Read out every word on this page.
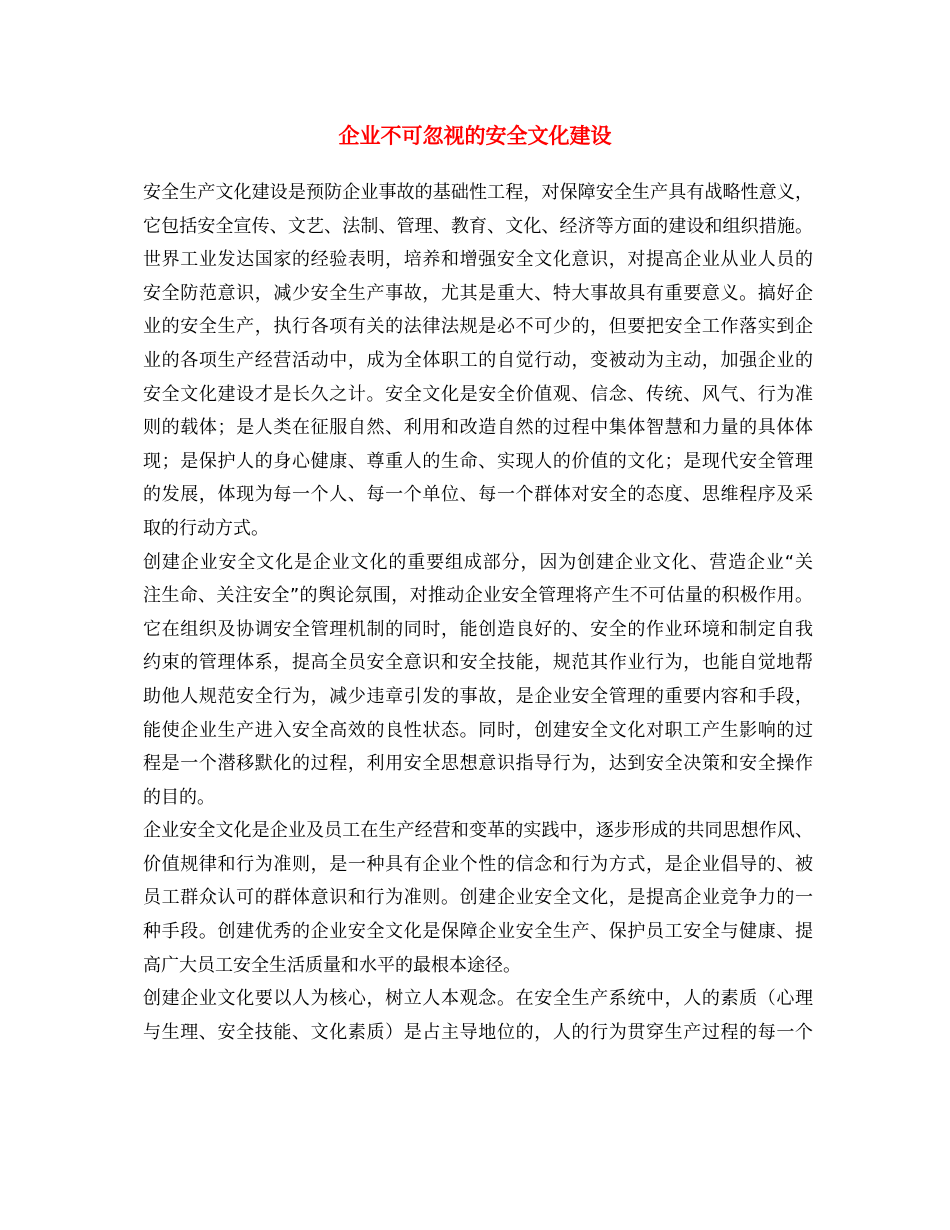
企业不可忽视的安全文化建设
安全生产文化建设是预防企业事故的基础性工程，对保障安全生产具有战略性意义，
它包括安全宣传、文艺、法制、管理、教育、文化、经济等方面的建设和组织措施。
世界工业发达国家的经验表明，培养和增强安全文化意识，对提高企业从业人员的
安全防范意识，减少安全生产事故，尤其是重大、特大事故具有重要意义。搞好企
业的安全生产，执行各项有关的法律法规是必不可少的，但要把安全工作落实到企
业的各项生产经营活动中，成为全体职工的自觉行动，变被动为主动，加强企业的
安全文化建设才是长久之计。安全文化是安全价值观、信念、传统、风气、行为准
则的载体；是人类在征服自然、利用和改造自然的过程中集体智慧和力量的具体体
现；是保护人的身心健康、尊重人的生命、实现人的价值的文化；是现代安全管理
的发展，体现为每一个人、每一个单位、每一个群体对安全的态度、思维程序及采
取的行动方式。
创建企业安全文化是企业文化的重要组成部分，因为创建企业文化、营造企业“关
注生命、关注安全”的舆论氛围，对推动企业安全管理将产生不可估量的积极作用。
它在组织及协调安全管理机制的同时，能创造良好的、安全的作业环境和制定自我
约束的管理体系，提高全员安全意识和安全技能，规范其作业行为，也能自觉地帮
助他人规范安全行为，减少违章引发的事故，是企业安全管理的重要内容和手段，
能使企业生产进入安全高效的良性状态。同时，创建安全文化对职工产生影响的过
程是一个潜移默化的过程，利用安全思想意识指导行为，达到安全决策和安全操作
的目的。
企业安全文化是企业及员工在生产经营和变革的实践中，逐步形成的共同思想作风、
价值规律和行为准则，是一种具有企业个性的信念和行为方式，是企业倡导的、被
员工群众认可的群体意识和行为准则。创建企业安全文化，是提高企业竞争力的一
种手段。创建优秀的企业安全文化是保障企业安全生产、保护员工安全与健康、提
高广大员工安全生活质量和水平的最根本途径。
创建企业文化要以人为核心，树立人本观念。在安全生产系统中，人的素质（心理
与生理、安全技能、文化素质）是占主导地位的，人的行为贯穿生产过程的每一个
